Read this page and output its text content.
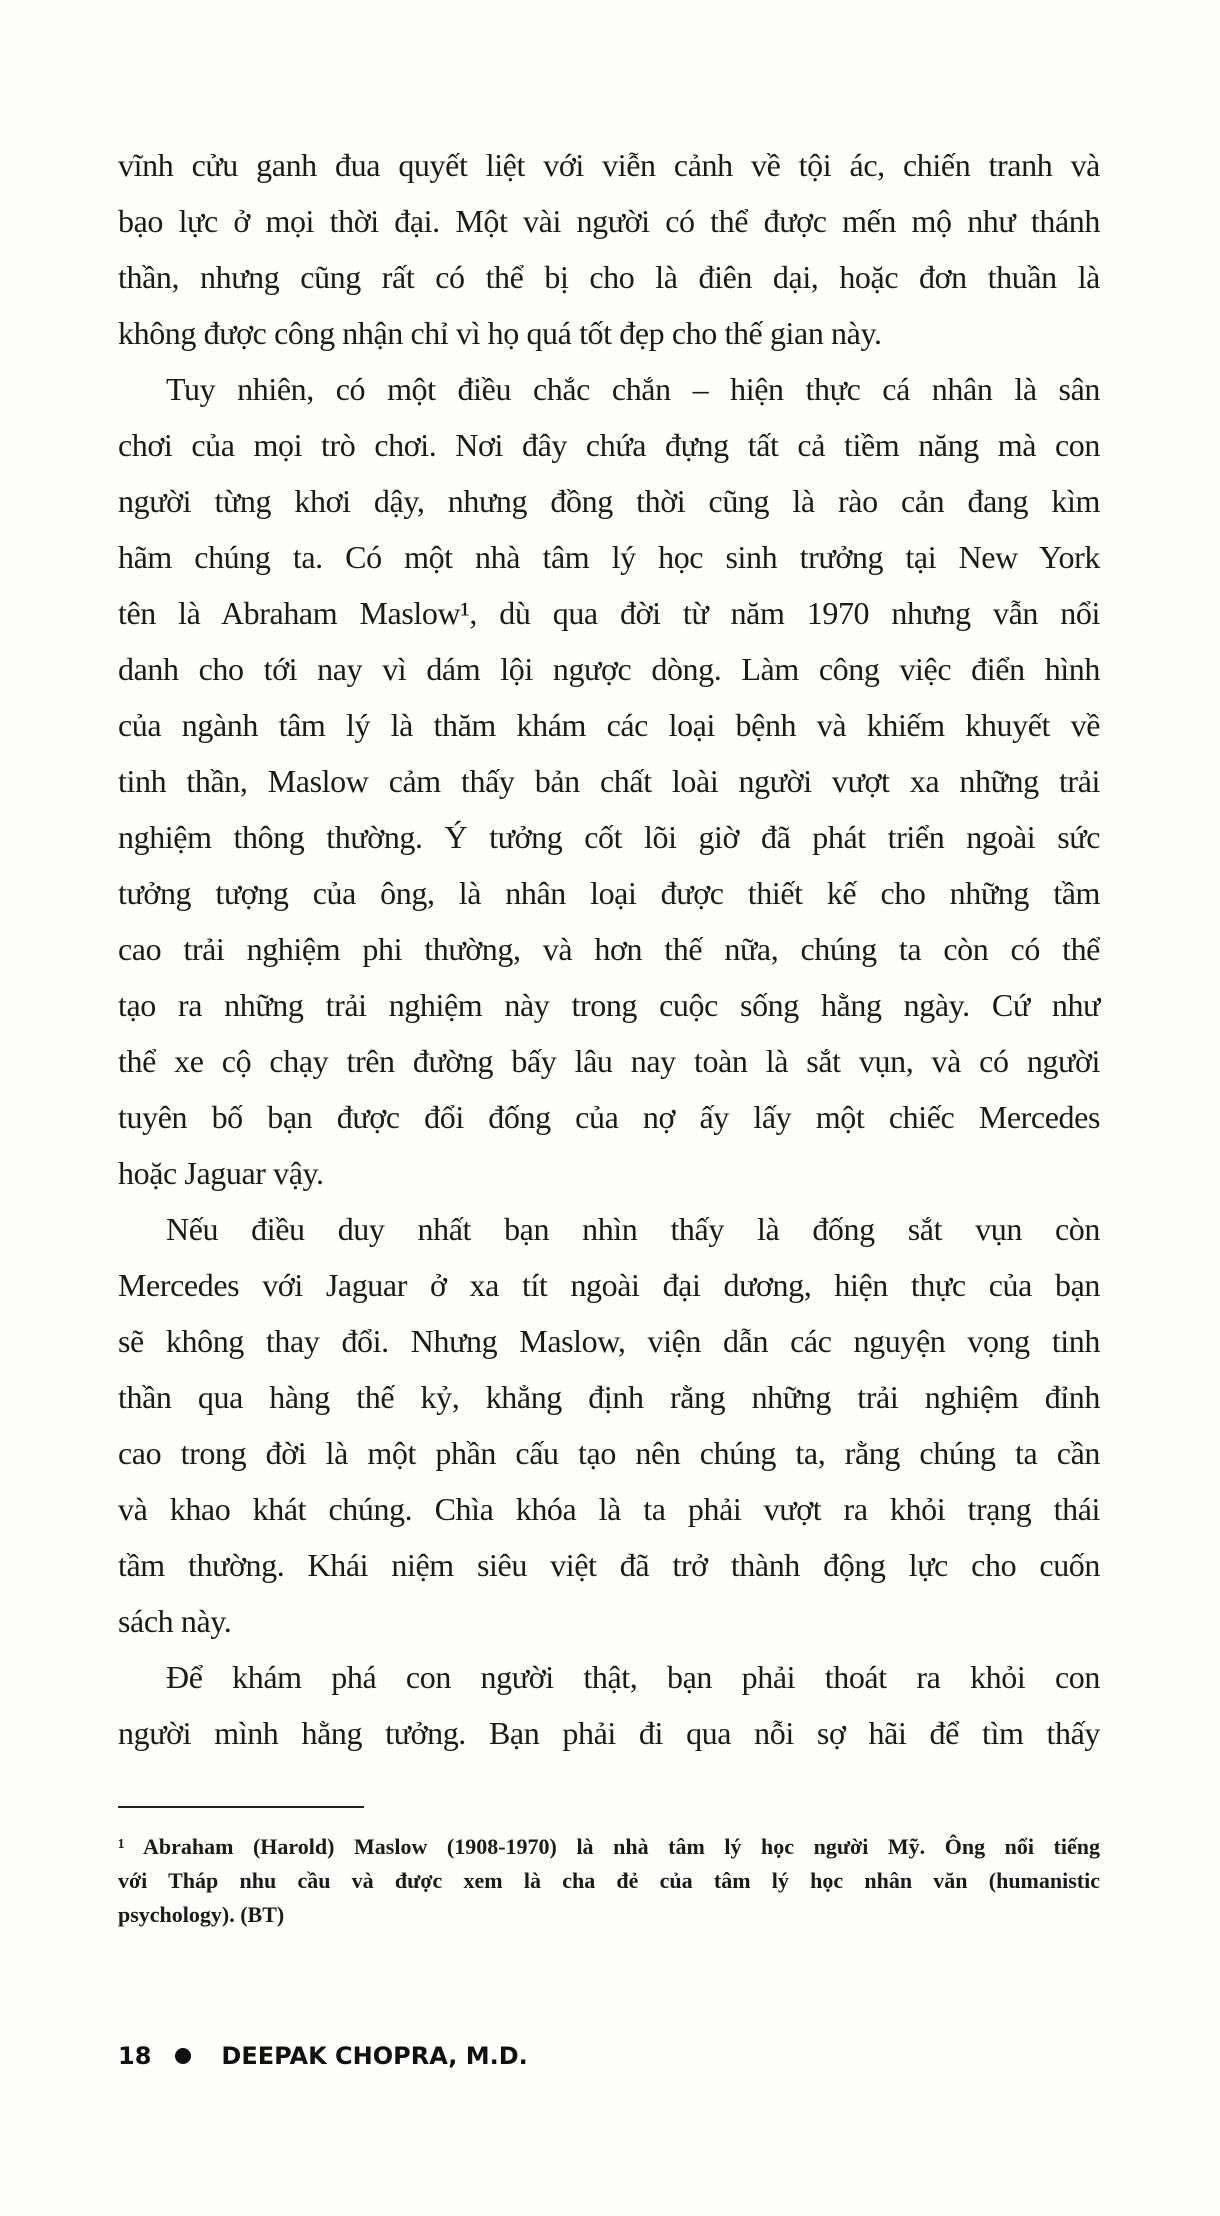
vĩnh cửu ganh đua quyết liệt với viễn cảnh về tội ác, chiến tranh và
bạo lực ở mọi thời đại. Một vài người có thể được mến mộ như thánh
thần, nhưng cũng rất có thể bị cho là điên dại, hoặc đơn thuần là
không được công nhận chỉ vì họ quá tốt đẹp cho thế gian này.
Tuy nhiên, có một điều chắc chắn – hiện thực cá nhân là sân
chơi của mọi trò chơi. Nơi đây chứa đựng tất cả tiềm năng mà con
người từng khơi dậy, nhưng đồng thời cũng là rào cản đang kìm
hãm chúng ta. Có một nhà tâm lý học sinh trưởng tại New York
tên là Abraham Maslow¹, dù qua đời từ năm 1970 nhưng vẫn nổi
danh cho tới nay vì dám lội ngược dòng. Làm công việc điển hình
của ngành tâm lý là thăm khám các loại bệnh và khiếm khuyết về
tinh thần, Maslow cảm thấy bản chất loài người vượt xa những trải
nghiệm thông thường. Ý tưởng cốt lõi giờ đã phát triển ngoài sức
tưởng tượng của ông, là nhân loại được thiết kế cho những tầm
cao trải nghiệm phi thường, và hơn thế nữa, chúng ta còn có thể
tạo ra những trải nghiệm này trong cuộc sống hằng ngày. Cứ như
thể xe cộ chạy trên đường bấy lâu nay toàn là sắt vụn, và có người
tuyên bố bạn được đổi đống của nợ ấy lấy một chiếc Mercedes
hoặc Jaguar vậy.
Nếu điều duy nhất bạn nhìn thấy là đống sắt vụn còn
Mercedes với Jaguar ở xa tít ngoài đại dương, hiện thực của bạn
sẽ không thay đổi. Nhưng Maslow, viện dẫn các nguyện vọng tinh
thần qua hàng thế kỷ, khẳng định rằng những trải nghiệm đỉnh
cao trong đời là một phần cấu tạo nên chúng ta, rằng chúng ta cần
và khao khát chúng. Chìa khóa là ta phải vượt ra khỏi trạng thái
tầm thường. Khái niệm siêu việt đã trở thành động lực cho cuốn
sách này.
Để khám phá con người thật, bạn phải thoát ra khỏi con
người mình hằng tưởng. Bạn phải đi qua nỗi sợ hãi để tìm thấy
¹ Abraham (Harold) Maslow (1908-1970) là nhà tâm lý học người Mỹ. Ông nổi tiếng
với Tháp nhu cầu và được xem là cha đẻ của tâm lý học nhân văn (humanistic
psychology). (BT)
18	DEEPAK CHOPRA, M.D.
